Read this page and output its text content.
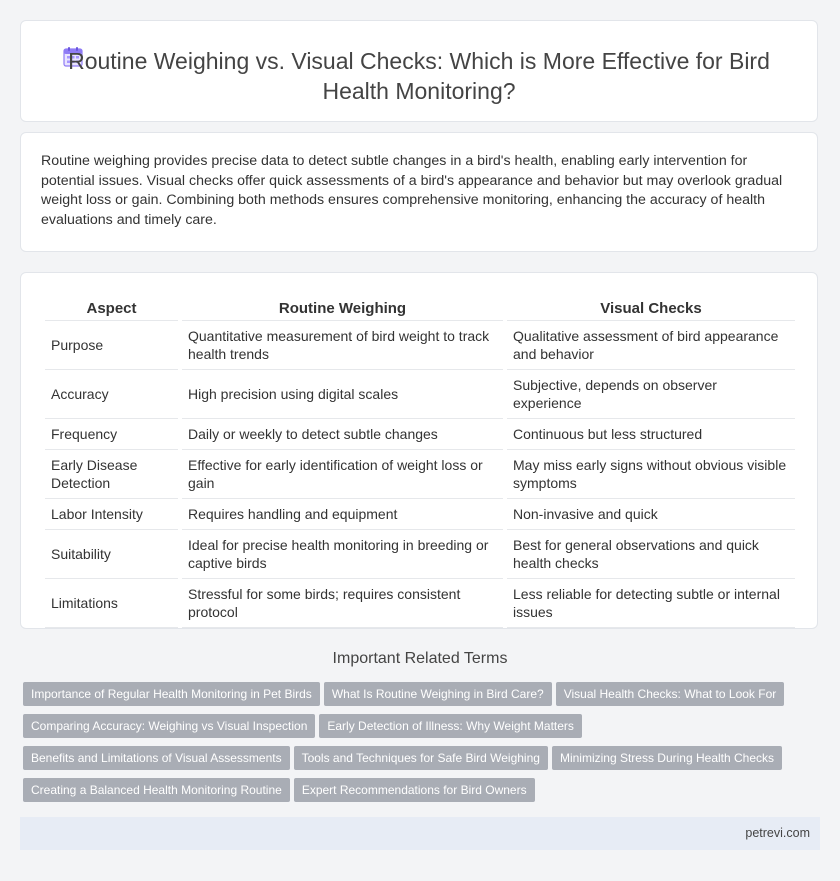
Routine Weighing vs. Visual Checks: Which is More Effective for Bird Health Monitoring?

Routine weighing provides precise data to detect subtle changes in a bird's health, enabling early intervention for potential issues. Visual checks offer quick assessments of a bird's appearance and behavior but may overlook gradual weight loss or gain. Combining both methods ensures comprehensive monitoring, enhancing the accuracy of health evaluations and timely care.

Aspect	Routine Weighing	Visual Checks
Purpose	Quantitative measurement of bird weight to track health trends	Qualitative assessment of bird appearance and behavior
Accuracy	High precision using digital scales	Subjective, depends on observer experience
Frequency	Daily or weekly to detect subtle changes	Continuous but less structured
Early Disease Detection	Effective for early identification of weight loss or gain	May miss early signs without obvious visible symptoms
Labor Intensity	Requires handling and equipment	Non-invasive and quick
Suitability	Ideal for precise health monitoring in breeding or captive birds	Best for general observations and quick health checks
Limitations	Stressful for some birds; requires consistent protocol	Less reliable for detecting subtle or internal issues
Important Related Terms
Importance of Regular Health Monitoring in Pet Birds What Is Routine Weighing in Bird Care? Visual Health Checks: What to Look For
Comparing Accuracy: Weighing vs Visual Inspection Early Detection of Illness: Why Weight Matters
Benefits and Limitations of Visual Assessments Tools and Techniques for Safe Bird Weighing Minimizing Stress During Health Checks
Creating a Balanced Health Monitoring Routine Expert Recommendations for Bird Owners
petrevi.com
